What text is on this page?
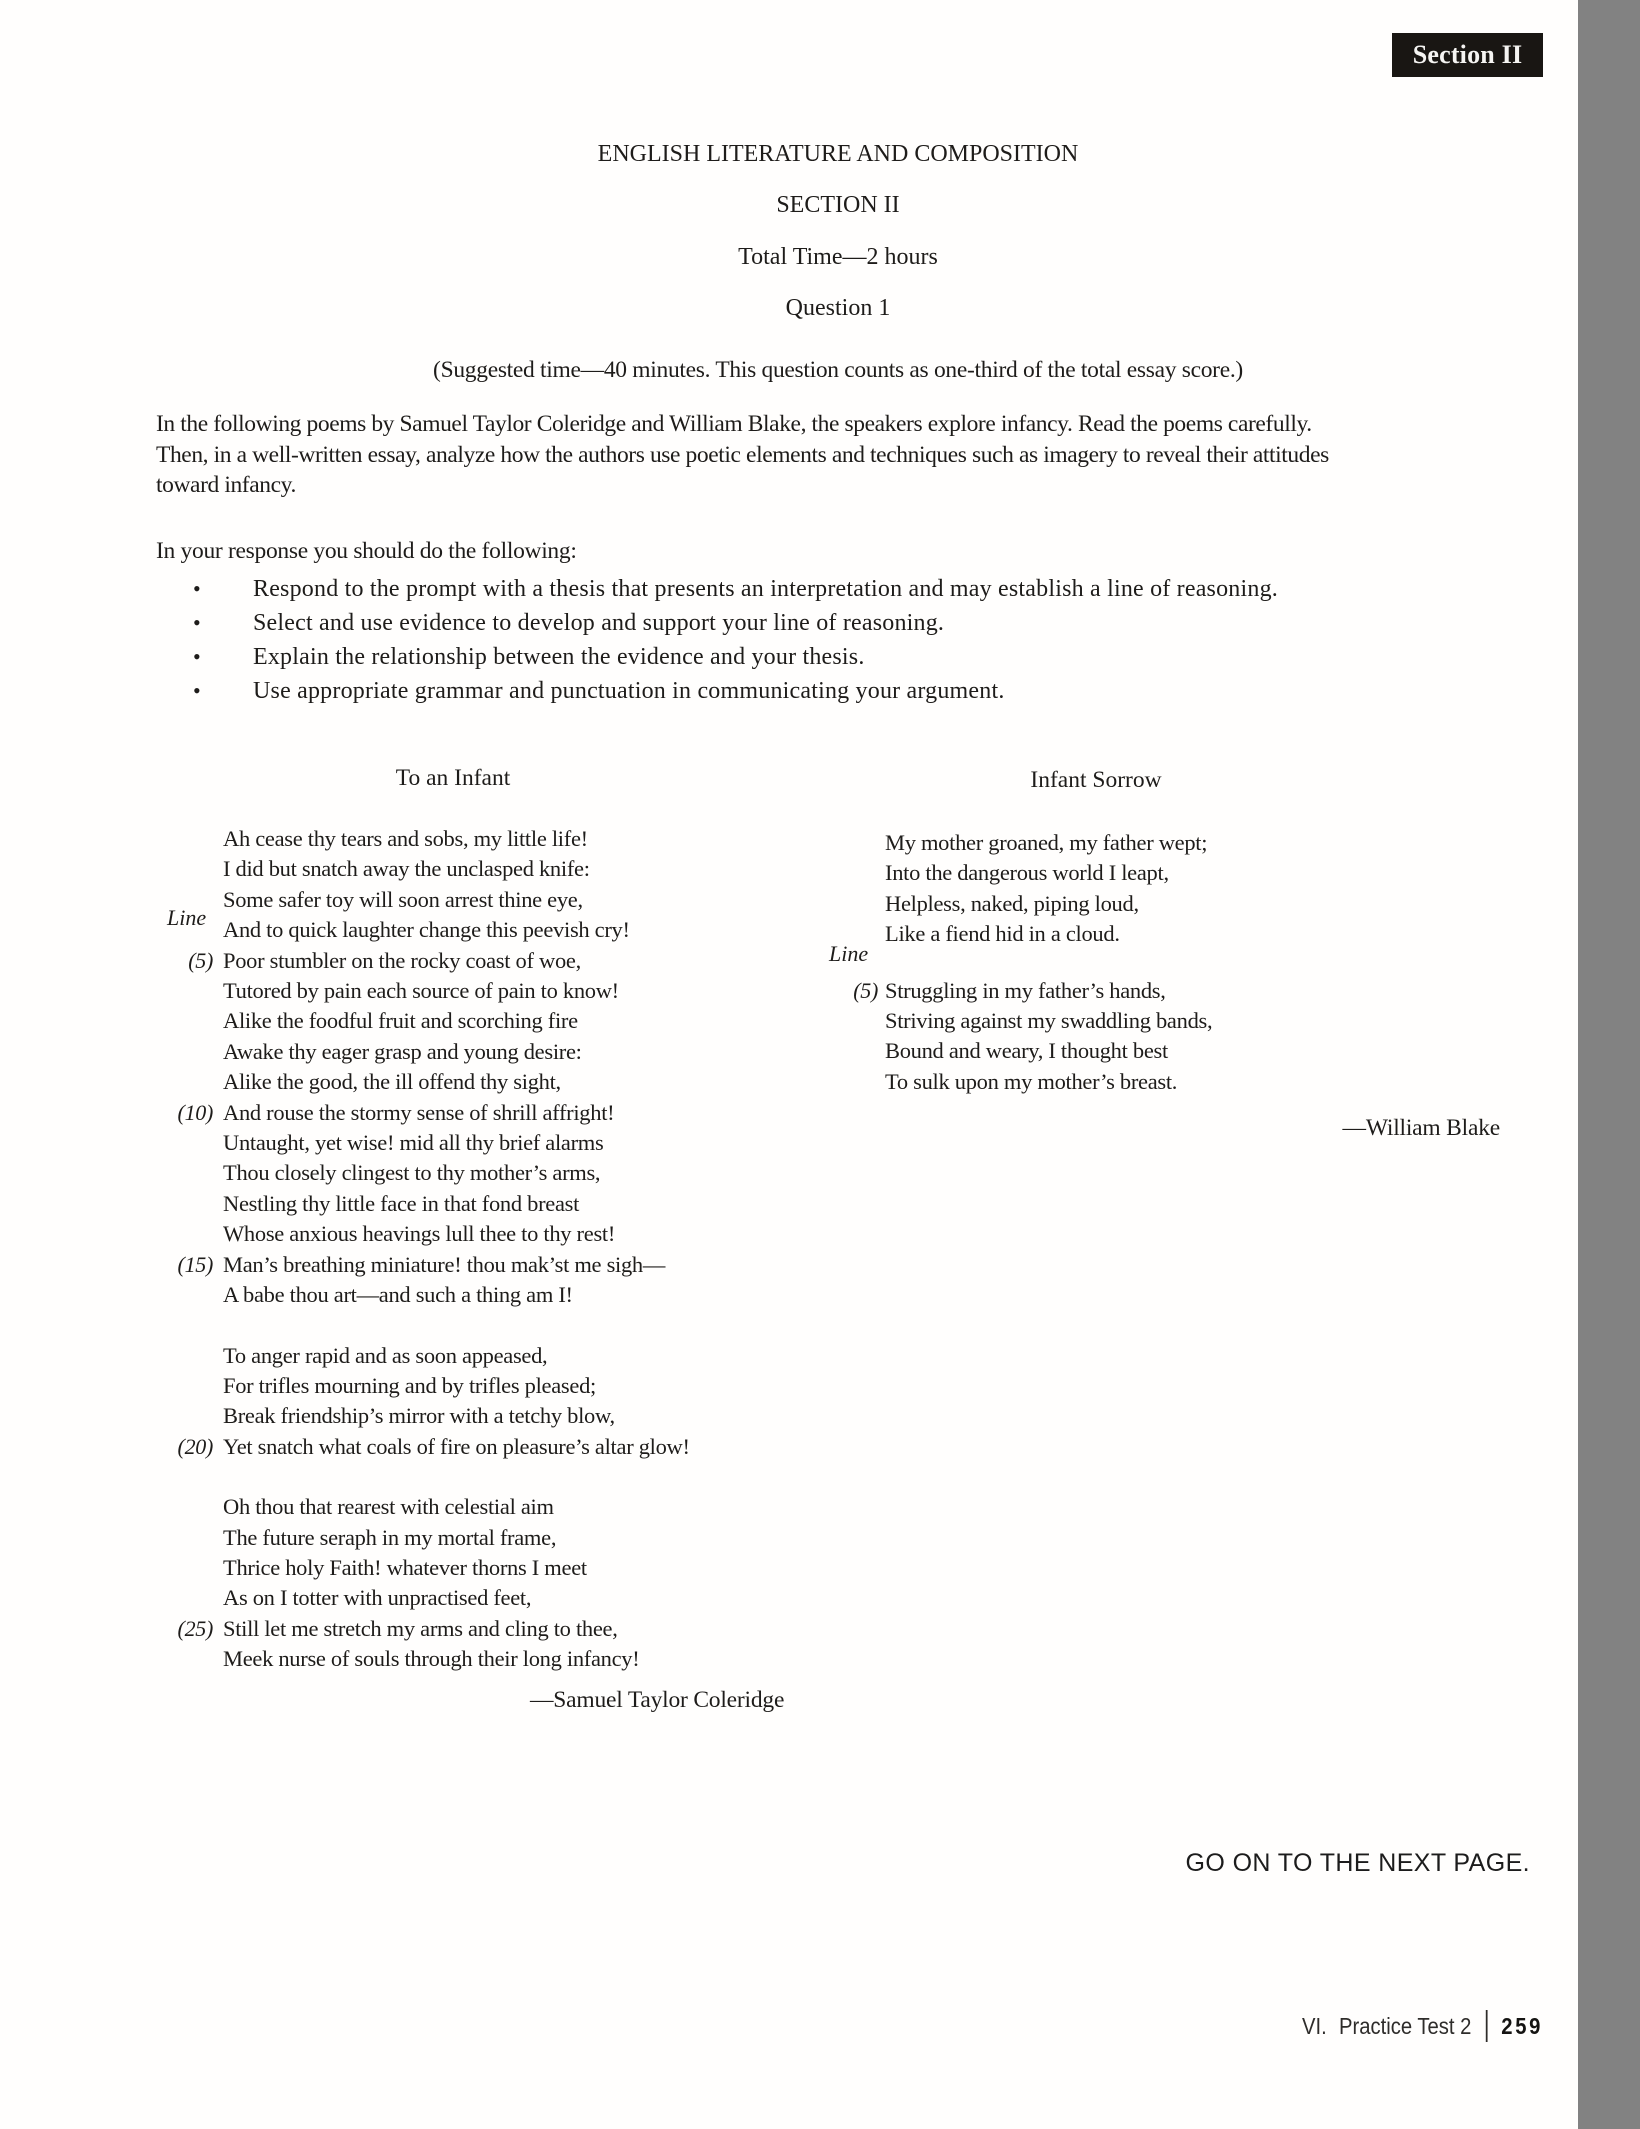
Section II
ENGLISH LITERATURE AND COMPOSITION
SECTION II
Total Time—2 hours
Question 1
(Suggested time—40 minutes. This question counts as one-third of the total essay score.)
In the following poems by Samuel Taylor Coleridge and William Blake, the speakers explore infancy. Read the poems carefully.
Then, in a well-written essay, analyze how the authors use poetic elements and techniques such as imagery to reveal their attitudes
toward infancy.
In your response you should do the following:
• Respond to the prompt with a thesis that presents an interpretation and may establish a line of reasoning.
• Select and use evidence to develop and support your line of reasoning.
• Explain the relationship between the evidence and your thesis.
• Use appropriate grammar and punctuation in communicating your argument.
To an Infant	Infant Sorrow
Line
Line
Ah cease thy tears and sobs, my little life!
I did but snatch away the unclasped knife:
Some safer toy will soon arrest thine eye,
And to quick laughter change this peevish cry!
(5) Poor stumbler on the rocky coast of woe,
Tutored by pain each source of pain to know!
Alike the foodful fruit and scorching fire
Awake thy eager grasp and young desire:
Alike the good, the ill offend thy sight,
(10) And rouse the stormy sense of shrill affright!
Untaught, yet wise! mid all thy brief alarms
Thou closely clingest to thy mother’s arms,
Nestling thy little face in that fond breast
Whose anxious heavings lull thee to thy rest!
(15) Man’s breathing miniature! thou mak’st me sigh—
A babe thou art—and such a thing am I!
To anger rapid and as soon appeased,
For trifles mourning and by trifles pleased;
Break friendship’s mirror with a tetchy blow,
(20) Yet snatch what coals of fire on pleasure’s altar glow!
Oh thou that rearest with celestial aim
The future seraph in my mortal frame,
Thrice holy Faith! whatever thorns I meet
As on I totter with unpractised feet,
(25) Still let me stretch my arms and cling to thee,
Meek nurse of souls through their long infancy!
My mother groaned, my father wept;
Into the dangerous world I leapt,
Helpless, naked, piping loud,
Like a fiend hid in a cloud.
(5) Struggling in my father’s hands,
Striving against my swaddling bands,
Bound and weary, I thought best
To sulk upon my mother’s breast.
—Samuel Taylor Coleridge
—William Blake
GO ON TO THE NEXT PAGE.
VI. Practice Test 2 259
